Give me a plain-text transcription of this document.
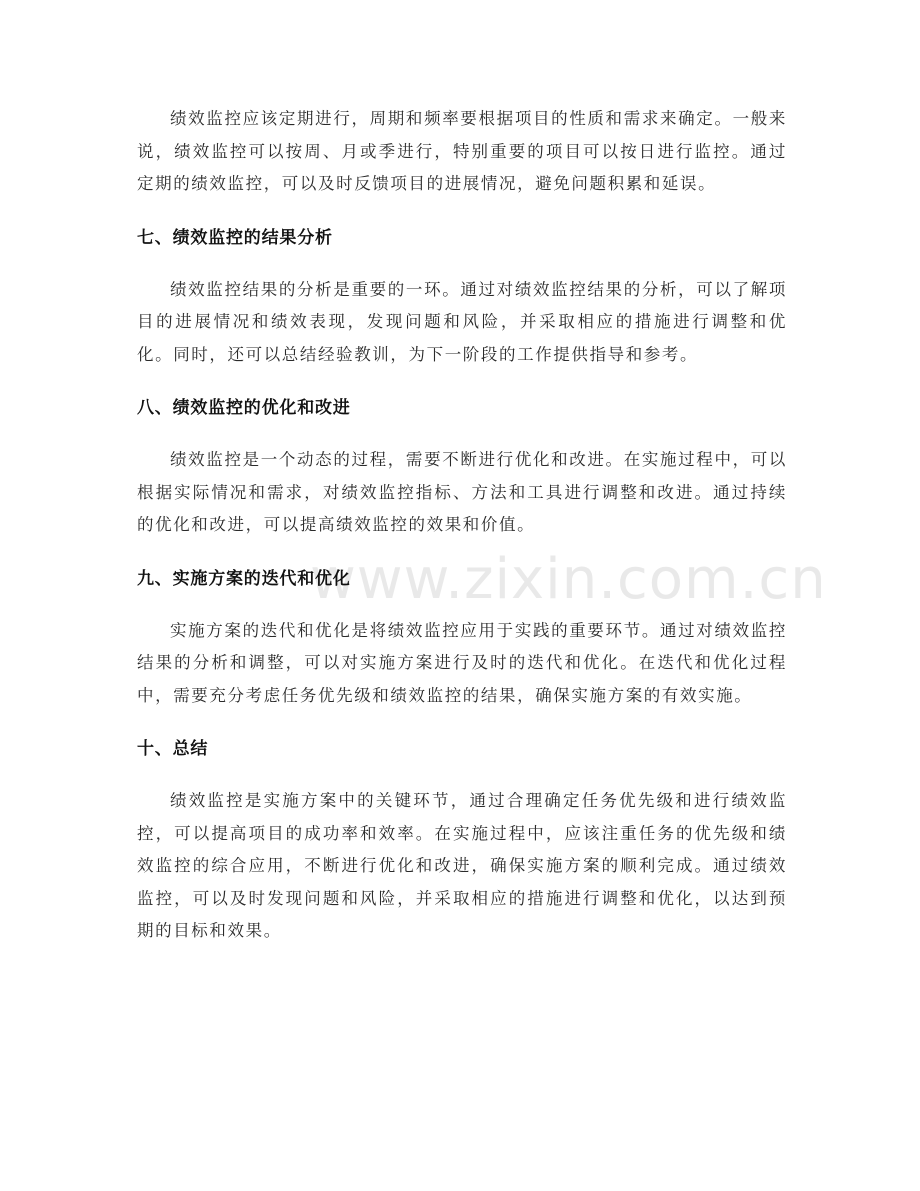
www.zixin.com.cn

绩效监控应该定期进行，周期和频率要根据项目的性质和需求来确定。一般来说，绩效监控可以按周、月或季进行，特别重要的项目可以按日进行监控。通过定期的绩效监控，可以及时反馈项目的进展情况，避免问题积累和延误。

七、绩效监控的结果分析

绩效监控结果的分析是重要的一环。通过对绩效监控结果的分析，可以了解项目的进展情况和绩效表现，发现问题和风险，并采取相应的措施进行调整和优化。同时，还可以总结经验教训，为下一阶段的工作提供指导和参考。

八、绩效监控的优化和改进

绩效监控是一个动态的过程，需要不断进行优化和改进。在实施过程中，可以根据实际情况和需求，对绩效监控指标、方法和工具进行调整和改进。通过持续的优化和改进，可以提高绩效监控的效果和价值。

九、实施方案的迭代和优化

实施方案的迭代和优化是将绩效监控应用于实践的重要环节。通过对绩效监控结果的分析和调整，可以对实施方案进行及时的迭代和优化。在迭代和优化过程中，需要充分考虑任务优先级和绩效监控的结果，确保实施方案的有效实施。

十、总结

绩效监控是实施方案中的关键环节，通过合理确定任务优先级和进行绩效监控，可以提高项目的成功率和效率。在实施过程中，应该注重任务的优先级和绩效监控的综合应用，不断进行优化和改进，确保实施方案的顺利完成。通过绩效监控，可以及时发现问题和风险，并采取相应的措施进行调整和优化，以达到预期的目标和效果。
